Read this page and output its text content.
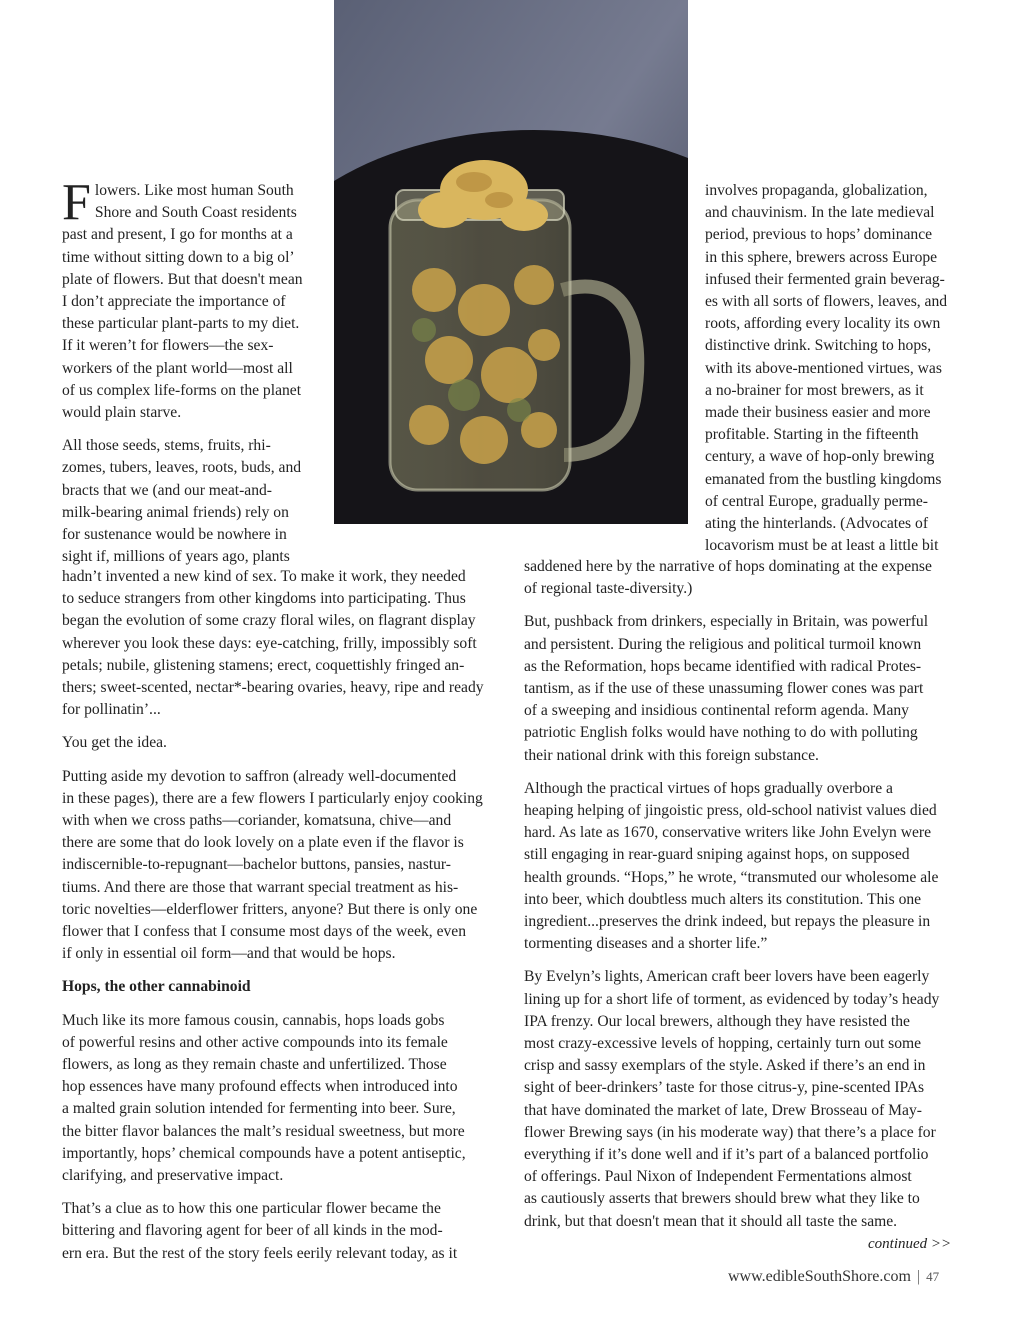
F lowers. Like most human South
Shore and South Coast residents
past and present, I go for months at a
time without sitting down to a big ol’
plate of flowers. But that doesn't mean
I don’t appreciate the importance of
these particular plant-parts to my diet.
If it weren’t for flowers—the sex-
workers of the plant world—most all
of us complex life-forms on the planet
would plain starve.
All those seeds, stems, fruits, rhi-
zomes, tubers, leaves, roots, buds, and
bracts that we (and our meat-and-
milk-bearing animal friends) rely on
for sustenance would be nowhere in
sight if, millions of years ago, plants
hadn’t invented a new kind of sex. To make it work, they needed
to seduce strangers from other kingdoms into participating. Thus
began the evolution of some crazy floral wiles, on flagrant display
wherever you look these days: eye-catching, frilly, impossibly soft
petals; nubile, glistening stamens; erect, coquettishly fringed an-
thers; sweet-scented, nectar*-bearing ovaries, heavy, ripe and ready
for pollinatin’...
You get the idea.
Putting aside my devotion to saffron (already well-documented
in these pages), there are a few flowers I particularly enjoy cooking
with when we cross paths—coriander, komatsuna, chive—and
there are some that do look lovely on a plate even if the flavor is
indiscernible-to-repugnant—bachelor buttons, pansies, nastur-
tiums. And there are those that warrant special treatment as his-
toric novelties—elderflower fritters, anyone? But there is only one
flower that I confess that I consume most days of the week, even
if only in essential oil form—and that would be hops.
Hops, the other cannabinoid
Much like its more famous cousin, cannabis, hops loads gobs
of powerful resins and other active compounds into its female
flowers, as long as they remain chaste and unfertilized. Those
hop essences have many profound effects when introduced into
a malted grain solution intended for fermenting into beer. Sure,
the bitter flavor balances the malt’s residual sweetness, but more
importantly, hops’ chemical compounds have a potent antiseptic,
clarifying, and preservative impact.
That’s a clue as to how this one particular flower became the
bittering and flavoring agent for beer of all kinds in the mod-
ern era. But the rest of the story feels eerily relevant today, as it
involves propaganda, globalization,
and chauvinism. In the late medieval
period, previous to hops’ dominance
in this sphere, brewers across Europe
infused their fermented grain beverag-
es with all sorts of flowers, leaves, and
roots, affording every locality its own
distinctive drink. Switching to hops,
with its above-mentioned virtues, was
a no-brainer for most brewers, as it
made their business easier and more
profitable. Starting in the fifteenth
century, a wave of hop-only brewing
emanated from the bustling kingdoms
of central Europe, gradually perme-
ating the hinterlands. (Advocates of
locavorism must be at least a little bit
saddened here by the narrative of hops dominating at the expense
of regional taste-diversity.)
But, pushback from drinkers, especially in Britain, was powerful
and persistent. During the religious and political turmoil known
as the Reformation, hops became identified with radical Protes-
tantism, as if the use of these unassuming flower cones was part
of a sweeping and insidious continental reform agenda. Many
patriotic English folks would have nothing to do with polluting
their national drink with this foreign substance.
Although the practical virtues of hops gradually overbore a
heaping helping of jingoistic press, old-school nativist values died
hard. As late as 1670, conservative writers like John Evelyn were
still engaging in rear-guard sniping against hops, on supposed
health grounds. “Hops,” he wrote, “transmuted our wholesome ale
into beer, which doubtless much alters its constitution. This one
ingredient...preserves the drink indeed, but repays the pleasure in
tormenting diseases and a shorter life.”
By Evelyn’s lights, American craft beer lovers have been eagerly
lining up for a short life of torment, as evidenced by today’s heady
IPA frenzy. Our local brewers, although they have resisted the
most crazy-excessive levels of hopping, certainly turn out some
crisp and sassy exemplars of the style. Asked if there’s an end in
sight of beer-drinkers’ taste for those citrus-y, pine-scented IPAs
that have dominated the market of late, Drew Brosseau of May-
flower Brewing says (in his moderate way) that there’s a place for
everything if it’s done well and if it’s part of a balanced portfolio
of offerings. Paul Nixon of Independent Fermentations almost
as cautiously asserts that brewers should brew what they like to
drink, but that doesn't mean that it should all taste the same.
continued >>
www.edibleSouthShore.com | 47
